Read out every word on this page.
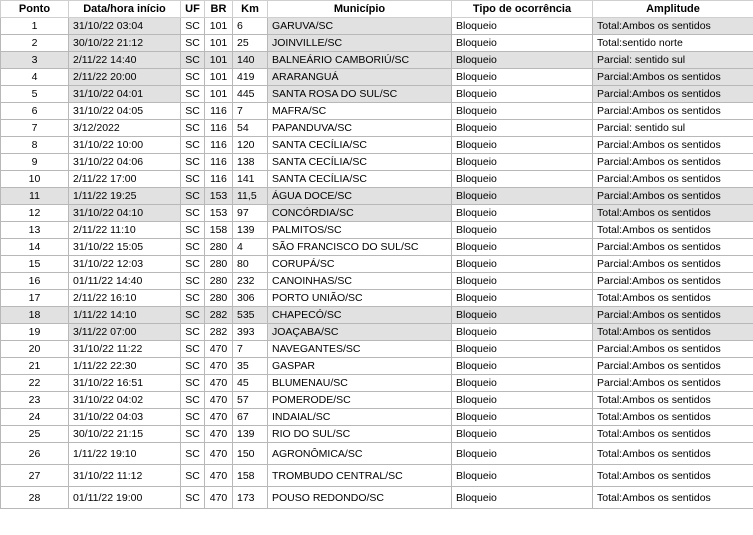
Ponto	Data/hora início	UF	BR	Km	Município	Tipo de ocorrência	Amplitude
1	31/10/22 03:04	SC	101	6	GARUVA/SC	Bloqueio	Total:Ambos os sentidos
2	30/10/22 21:12	SC	101	25	JOINVILLE/SC	Bloqueio	Total:sentido norte
3	2/11/22 14:40	SC	101	140	BALNEÁRIO CAMBORIÚ/SC	Bloqueio	Parcial: sentido sul
4	2/11/22 20:00	SC	101	419	ARARANGUÁ	Bloqueio	Parcial:Ambos os sentidos
5	31/10/22 04:01	SC	101	445	SANTA ROSA DO SUL/SC	Bloqueio	Parcial:Ambos os sentidos
6	31/10/22 04:05	SC	116	7	MAFRA/SC	Bloqueio	Parcial:Ambos os sentidos
7	3/12/2022	SC	116	54	PAPANDUVA/SC	Bloqueio	Parcial: sentido sul
8	31/10/22 10:00	SC	116	120	SANTA CECÍLIA/SC	Bloqueio	Parcial:Ambos os sentidos
9	31/10/22 04:06	SC	116	138	SANTA CECÍLIA/SC	Bloqueio	Parcial:Ambos os sentidos
10	2/11/22 17:00	SC	116	141	SANTA CECÍLIA/SC	Bloqueio	Parcial:Ambos os sentidos
11	1/11/22 19:25	SC	153	11,5	ÁGUA DOCE/SC	Bloqueio	Parcial:Ambos os sentidos
12	31/10/22 04:10	SC	153	97	CONCÓRDIA/SC	Bloqueio	Total:Ambos os sentidos
13	2/11/22 11:10	SC	158	139	PALMITOS/SC	Bloqueio	Total:Ambos os sentidos
14	31/10/22 15:05	SC	280	4	SÃO FRANCISCO DO SUL/SC	Bloqueio	Parcial:Ambos os sentidos
15	31/10/22 12:03	SC	280	80	CORUPÁ/SC	Bloqueio	Parcial:Ambos os sentidos
16	01/11/22 14:40	SC	280	232	CANOINHAS/SC	Bloqueio	Parcial:Ambos os sentidos
17	2/11/22 16:10	SC	280	306	PORTO UNIÃO/SC	Bloqueio	Total:Ambos os sentidos
18	1/11/22 14:10	SC	282	535	CHAPECÓ/SC	Bloqueio	Parcial:Ambos os sentidos
19	3/11/22 07:00	SC	282	393	JOAÇABA/SC	Bloqueio	Total:Ambos os sentidos
20	31/10/22 11:22	SC	470	7	NAVEGANTES/SC	Bloqueio	Parcial:Ambos os sentidos
21	1/11/22 22:30	SC	470	35	GASPAR	Bloqueio	Parcial:Ambos os sentidos
22	31/10/22 16:51	SC	470	45	BLUMENAU/SC	Bloqueio	Parcial:Ambos os sentidos
23	31/10/22 04:02	SC	470	57	POMERODE/SC	Bloqueio	Total:Ambos os sentidos
24	31/10/22 04:03	SC	470	67	INDAIAL/SC	Bloqueio	Total:Ambos os sentidos
25	30/10/22 21:15	SC	470	139	RIO DO SUL/SC	Bloqueio	Total:Ambos os sentidos
26	1/11/22 19:10	SC	470	150	AGRONÔMICA/SC	Bloqueio	Total:Ambos os sentidos
27	31/10/22 11:12	SC	470	158	TROMBUDO CENTRAL/SC	Bloqueio	Total:Ambos os sentidos
28	01/11/22 19:00	SC	470	173	POUSO REDONDO/SC	Bloqueio	Total:Ambos os sentidos
